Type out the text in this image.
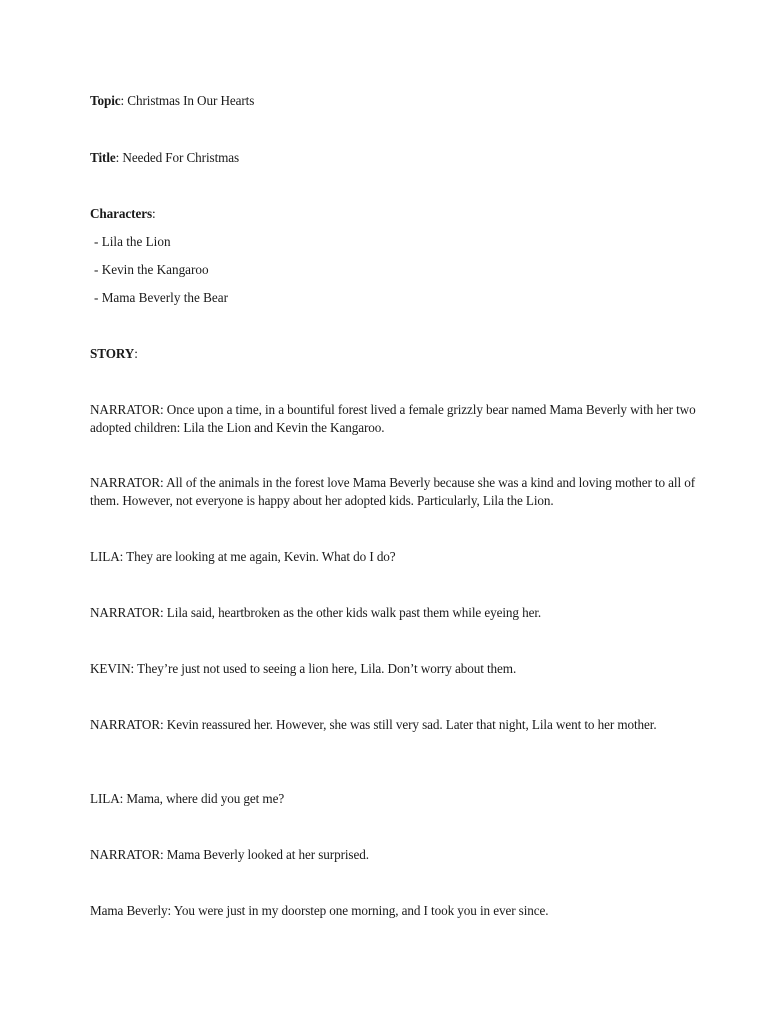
Topic: Christmas In Our Hearts
Title: Needed For Christmas
Characters:
- Lila the Lion
- Kevin the Kangaroo
- Mama Beverly the Bear
STORY:
NARRATOR: Once upon a time, in a bountiful forest lived a female grizzly bear named Mama Beverly with her two adopted children: Lila the Lion and Kevin the Kangaroo.
NARRATOR: All of the animals in the forest love Mama Beverly because she was a kind and loving mother to all of them. However, not everyone is happy about her adopted kids. Particularly, Lila the Lion.
LILA: They are looking at me again, Kevin. What do I do?
NARRATOR: Lila said, heartbroken as the other kids walk past them while eyeing her.
KEVIN: They’re just not used to seeing a lion here, Lila. Don’t worry about them.
NARRATOR: Kevin reassured her. However, she was still very sad. Later that night, Lila went to her mother.
LILA: Mama, where did you get me?
NARRATOR: Mama Beverly looked at her surprised.
Mama Beverly: You were just in my doorstep one morning, and I took you in ever since.
